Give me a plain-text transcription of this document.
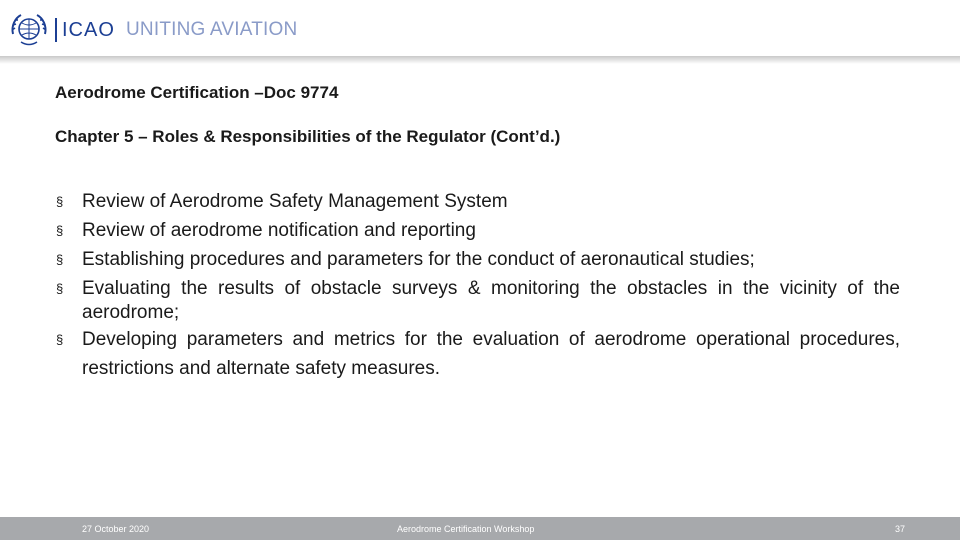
ICAO UNITING AVIATION
Aerodrome Certification –Doc 9774
Chapter 5 – Roles & Responsibilities of the Regulator (Cont’d.)
§ Review of Aerodrome Safety Management System
§ Review of aerodrome notification and reporting
§ Establishing procedures and parameters for the conduct of aeronautical studies;
§ Evaluating the results of obstacle surveys & monitoring the obstacles in the vicinity of the aerodrome;
§ Developing parameters and metrics for the evaluation of aerodrome operational procedures, restrictions and alternate safety measures.
27 October 2020	Aerodrome Certification Workshop	37
